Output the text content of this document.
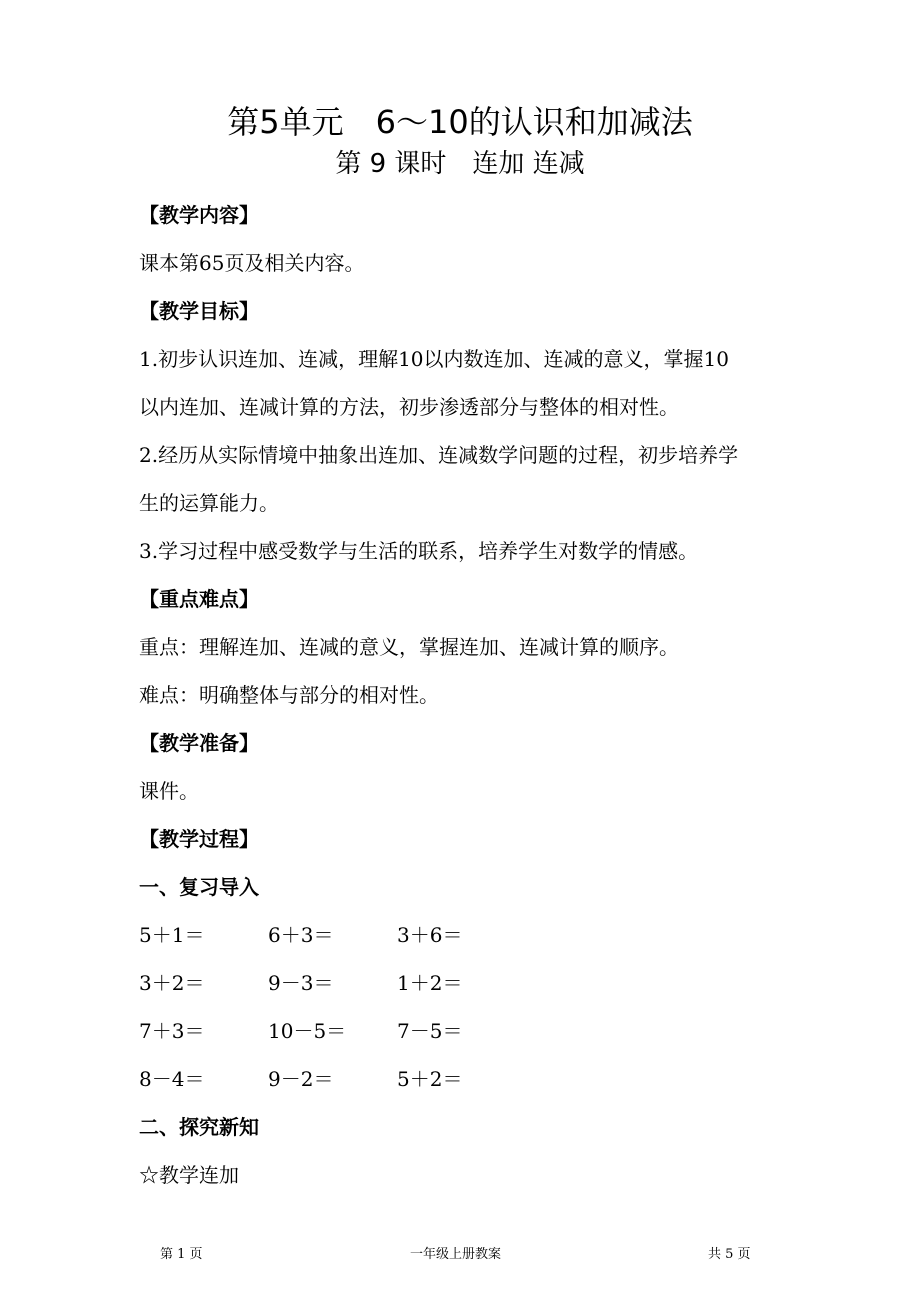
第5单元　6～10的认识和加减法
第 9 课时　连加 连减
【教学内容】
课本第65页及相关内容。
【教学目标】
1.初步认识连加、连减，理解10以内数连加、连减的意义，掌握10
以内连加、连减计算的方法，初步渗透部分与整体的相对性。
2.经历从实际情境中抽象出连加、连减数学问题的过程，初步培养学
生的运算能力。
3.学习过程中感受数学与生活的联系，培养学生对数学的情感。
【重点难点】
重点：理解连加、连减的意义，掌握连加、连减计算的顺序。
难点：明确整体与部分的相对性。
【教学准备】
课件。
【教学过程】
一、复习导入
5＋1＝	6＋3＝	3＋6＝
3＋2＝	9－3＝	1＋2＝
7＋3＝	10－5＝	7－5＝
8－4＝	9－2＝	5＋2＝
二、探究新知
☆教学连加
第 1 页	一年级上册教案	共 5 页
